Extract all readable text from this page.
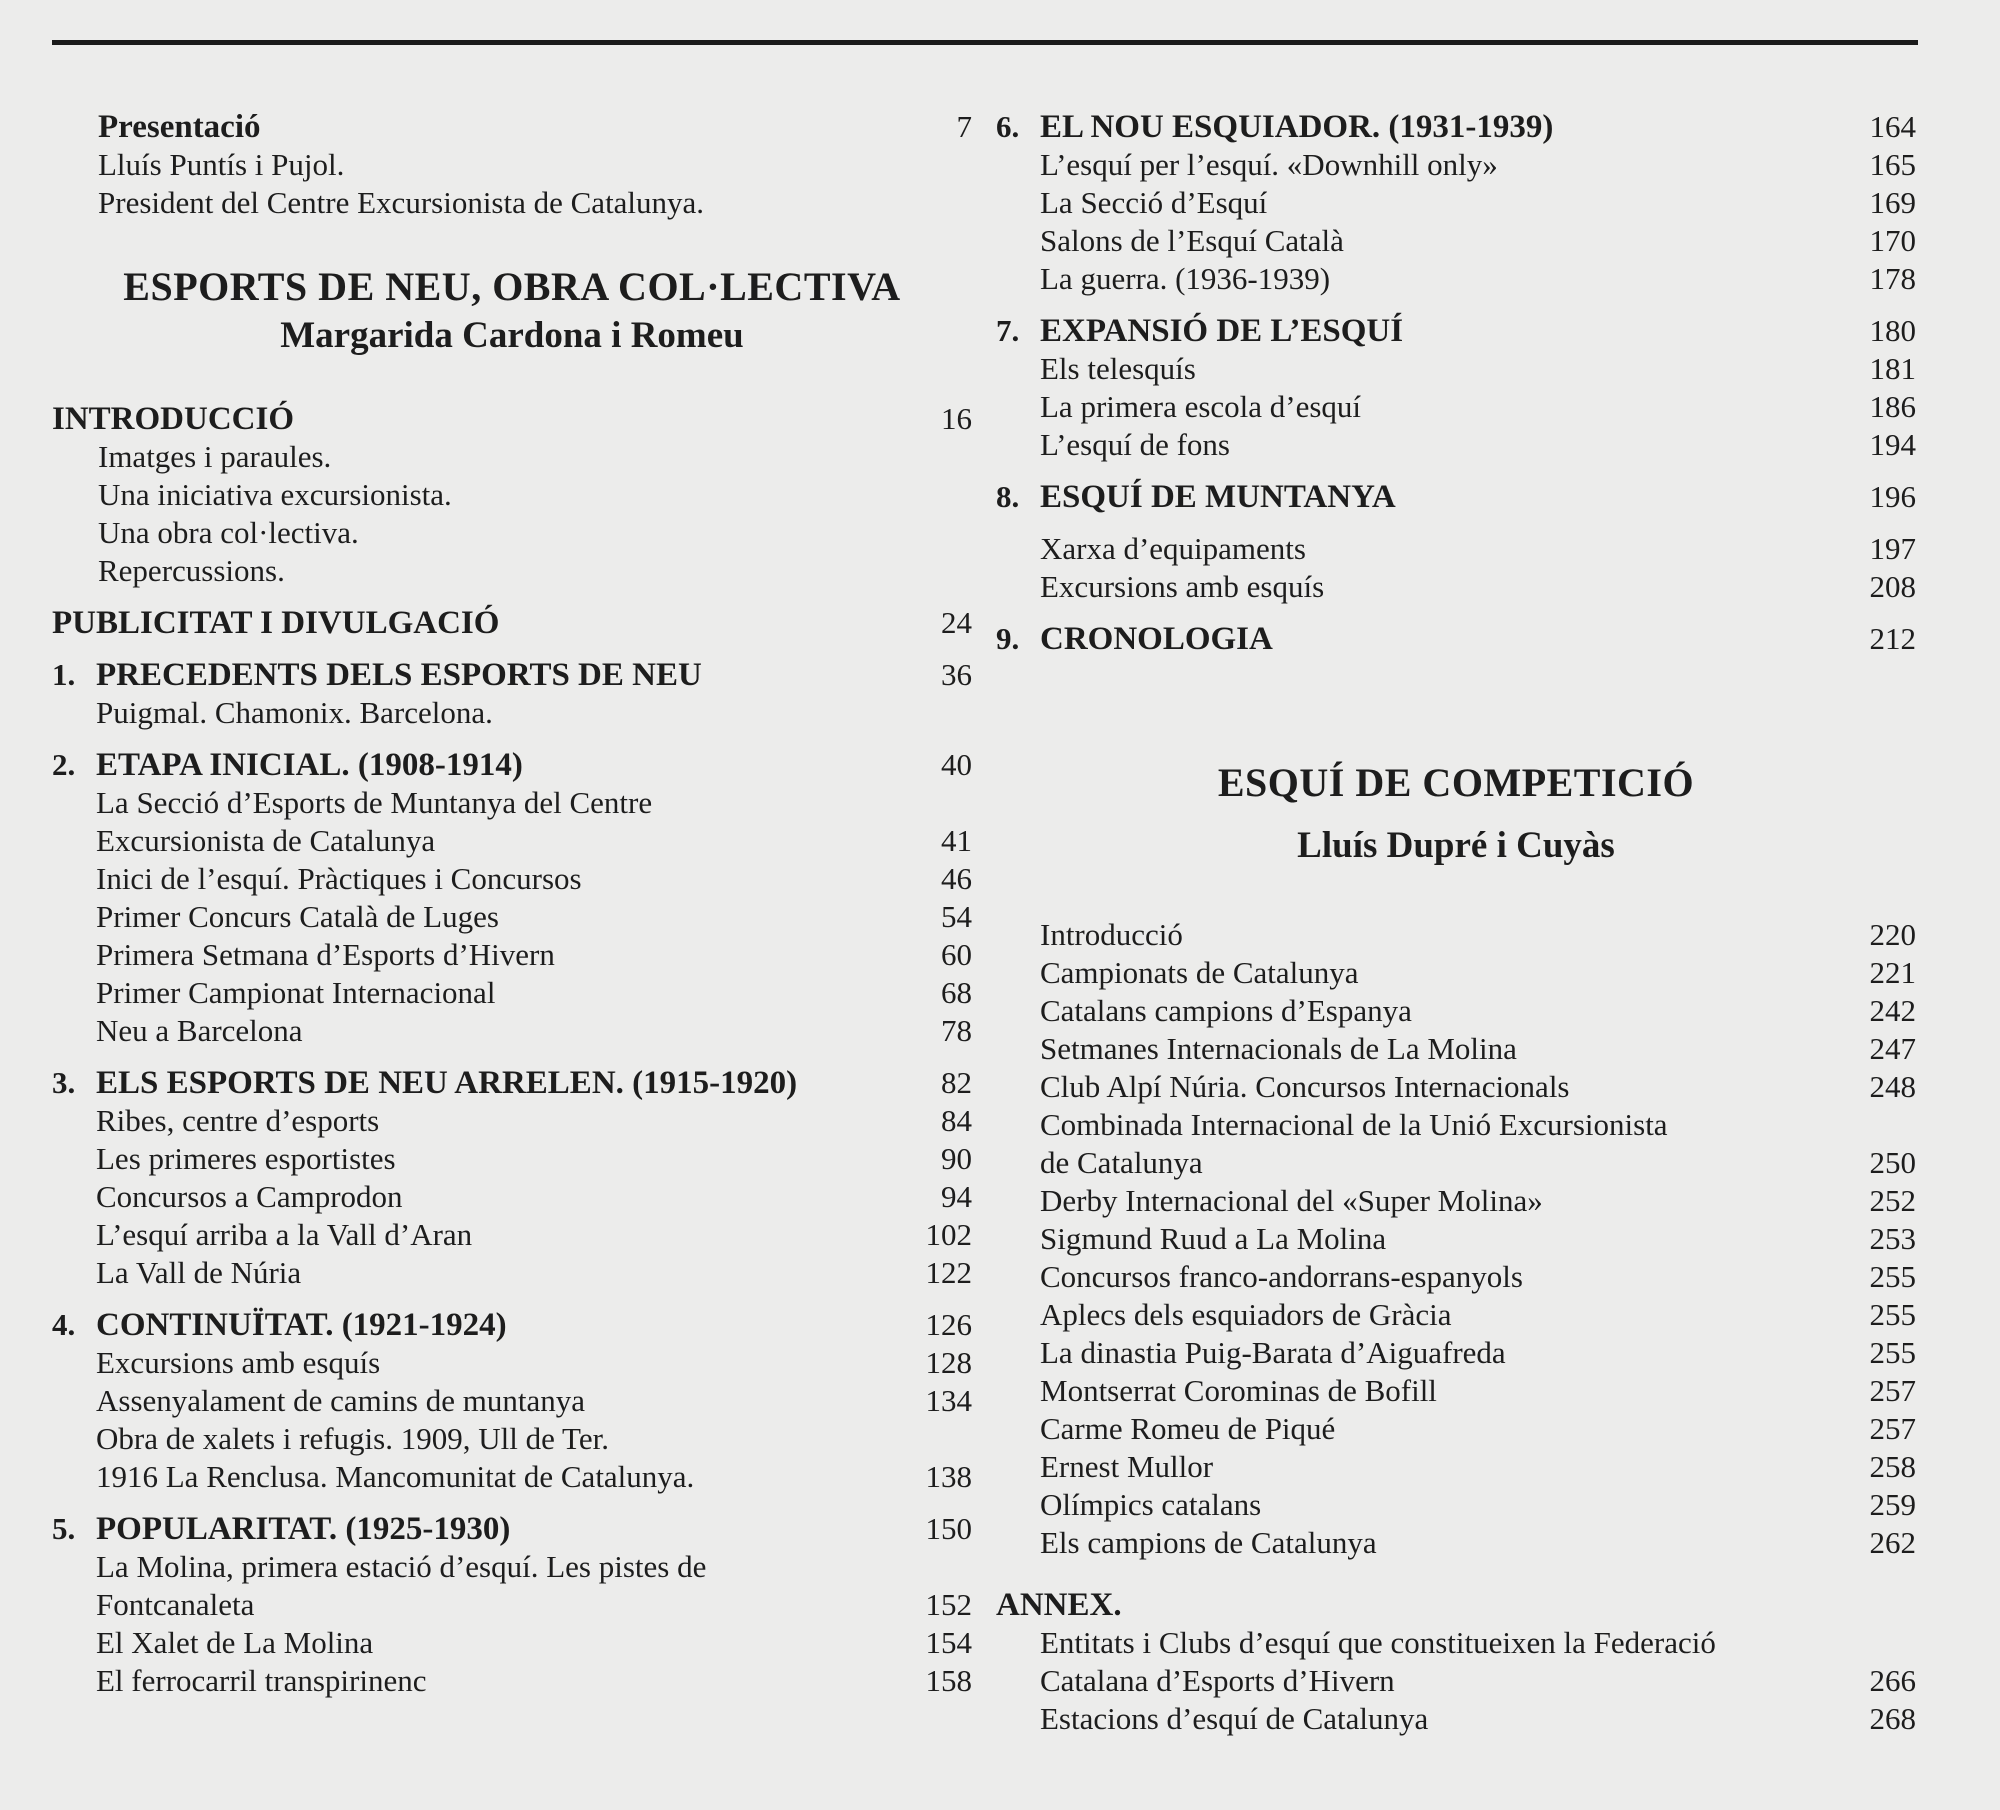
Presentació	7
Lluís Puntís i Pujol.
President del Centre Excursionista de Catalunya.
ESPORTS DE NEU, OBRA COL·LECTIVA
Margarida Cardona i Romeu
INTRODUCCIÓ	16
Imatges i paraules.
Una iniciativa excursionista.
Una obra col·lectiva.
Repercussions.
PUBLICITAT I DIVULGACIÓ	24
1. PRECEDENTS DELS ESPORTS DE NEU	36
Puigmal. Chamonix. Barcelona.
2. ETAPA INICIAL. (1908-1914)	40
La Secció d’Esports de Muntanya del Centre
Excursionista de Catalunya	41
Inici de l’esquí. Pràctiques i Concursos	46
Primer Concurs Català de Luges	54
Primera Setmana d’Esports d’Hivern	60
Primer Campionat Internacional	68
Neu a Barcelona	78
3. ELS ESPORTS DE NEU ARRELEN. (1915-1920)	82
Ribes, centre d’esports	84
Les primeres esportistes	90
Concursos a Camprodon	94
L’esquí arriba a la Vall d’Aran	102
La Vall de Núria	122
4. CONTINUÏTAT. (1921-1924)	126
Excursions amb esquís	128
Assenyalament de camins de muntanya	134
Obra de xalets i refugis. 1909, Ull de Ter.
1916 La Renclusa. Mancomunitat de Catalunya.	138
5. POPULARITAT. (1925-1930)	150
La Molina, primera estació d’esquí. Les pistes de
Fontcanaleta	152
El Xalet de La Molina	154
El ferrocarril transpirinenc	158
6. EL NOU ESQUIADOR. (1931-1939)	164
L’esquí per l’esquí. «Downhill only»	165
La Secció d’Esquí	169
Salons de l’Esquí Català	170
La guerra. (1936-1939)	178
7. EXPANSIÓ DE L’ESQUÍ	180
Els telesquís	181
La primera escola d’esquí	186
L’esquí de fons	194
8. ESQUÍ DE MUNTANYA	196
Xarxa d’equipaments	197
Excursions amb esquís	208
9. CRONOLOGIA	212
ESQUÍ DE COMPETICIÓ
Lluís Dupré i Cuyàs
Introducció	220
Campionats de Catalunya	221
Catalans campions d’Espanya	242
Setmanes Internacionals de La Molina	247
Club Alpí Núria. Concursos Internacionals	248
Combinada Internacional de la Unió Excursionista
de Catalunya	250
Derby Internacional del «Super Molina»	252
Sigmund Ruud a La Molina	253
Concursos franco-andorrans-espanyols	255
Aplecs dels esquiadors de Gràcia	255
La dinastia Puig-Barata d’Aiguafreda	255
Montserrat Corominas de Bofill	257
Carme Romeu de Piqué	257
Ernest Mullor	258
Olímpics catalans	259
Els campions de Catalunya	262
ANNEX.
Entitats i Clubs d’esquí que constitueixen la Federació
Catalana d’Esports d’Hivern	266
Estacions d’esquí de Catalunya	268
